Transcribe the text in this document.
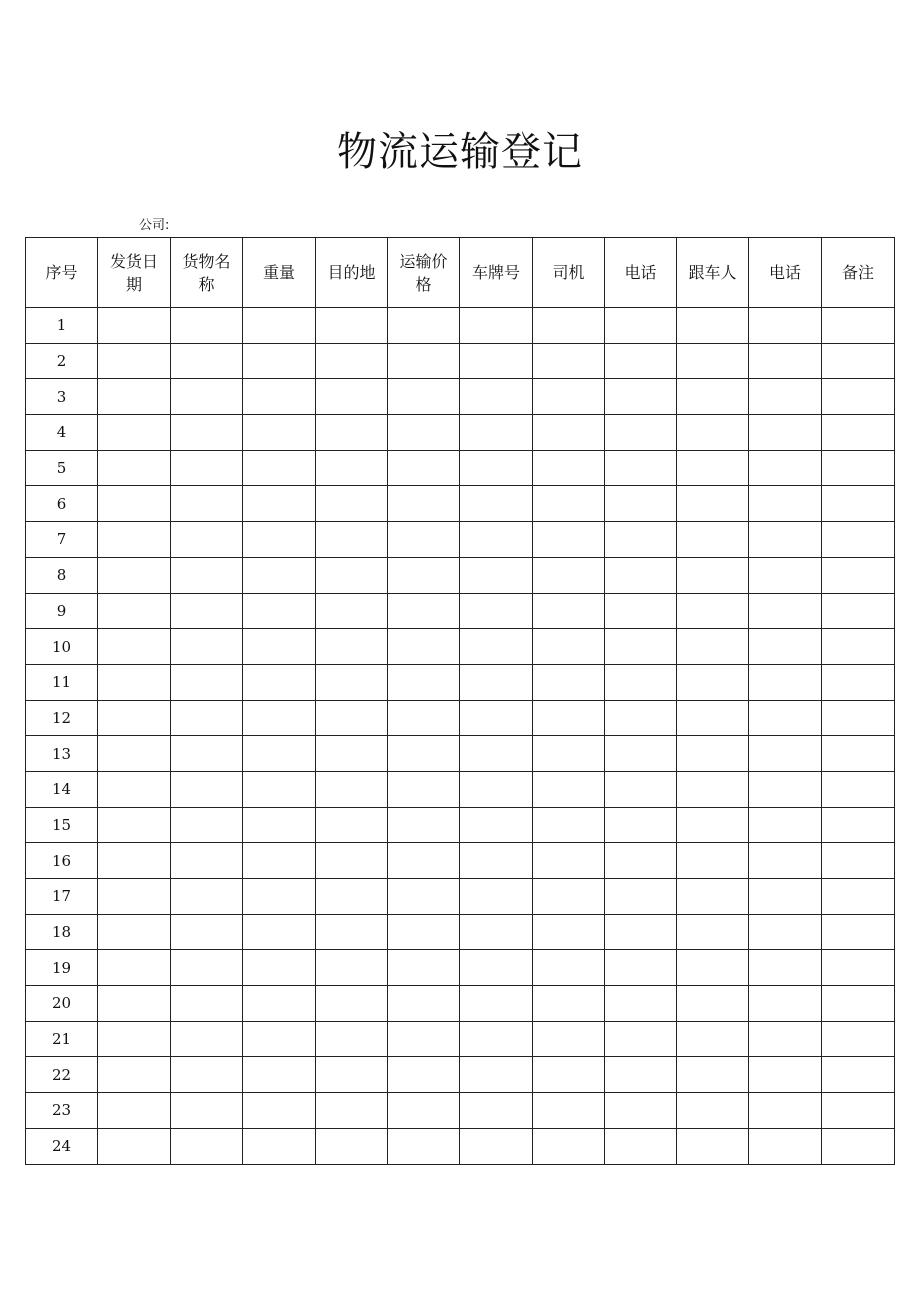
物流运输登记
公司:
序号	发货日期	货物名称	重量	目的地	运输价格	车牌号	司机	电话	跟车人	电话	备注
1											
2											
3											
4											
5											
6											
7											
8											
9											
10											
11											
12											
13											
14											
15											
16											
17											
18											
19											
20											
21											
22											
23											
24											
